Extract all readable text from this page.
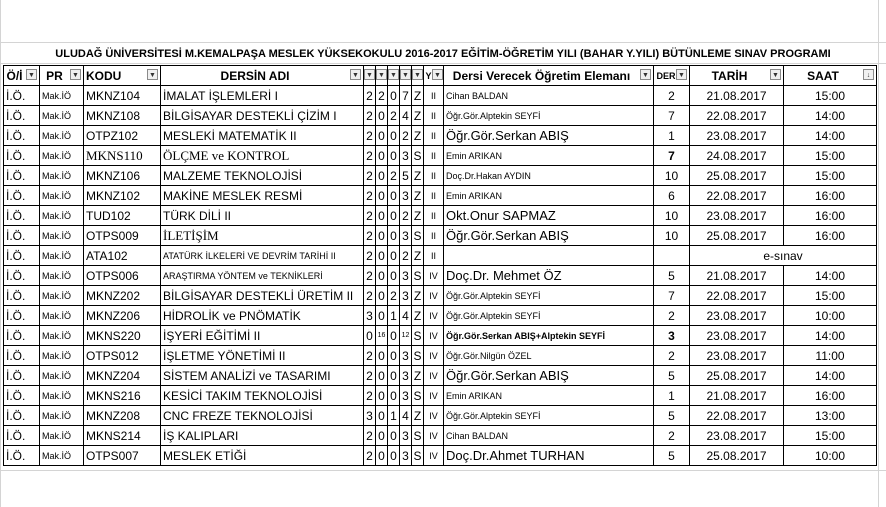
ULUDAĞ ÜNİVERSİTESİ M.KEMALPAŞA MESLEK YÜKSEKOKULU 2016-2017 EĞİTİM-ÖĞRETİM YILI (BAHAR Y.YILI) BÜTÜNLEME SINAV PROGRAMI
Ö/İ ▼	PR ▼	KODU ▼	DERSİN ADI ▼	▼	▼	▼	▼	▼	Y ▼	Dersi Verecek Öğretim Elemanı ▼	DER ▼	TARİH ▼	SAAT ↓

İ.Ö.	Mak.İÖ	MKNZ104	İMALAT İŞLEMLERİ I	2	2	0	7	Z	II	Cihan BALDAN	2	21.08.2017	15:00
İ.Ö.	Mak.İÖ	MKNZ108	BİLGİSAYAR DESTEKLİ ÇİZİM I	2	0	2	4	Z	II	Öğr.Gör.Alptekin SEYFİ	7	22.08.2017	14:00
İ.Ö.	Mak.İÖ	OTPZ102	MESLEKİ MATEMATİK II	2	0	0	2	Z	II	Öğr.Gör.Serkan ABIŞ	1	23.08.2017	14:00
İ.Ö.	Mak.İÖ	MKNS110	ÖLÇME ve KONTROL	2	0	0	3	S	II	Emin ARIKAN	7	24.08.2017	15:00
İ.Ö.	Mak.İÖ	MKNZ106	MALZEME TEKNOLOJİSİ	2	0	2	5	Z	II	Doç.Dr.Hakan AYDIN	10	25.08.2017	15:00
İ.Ö.	Mak.İÖ	MKNZ102	MAKİNE MESLEK RESMİ	2	0	0	3	Z	II	Emin ARIKAN	6	22.08.2017	16:00
İ.Ö.	Mak.İÖ	TUD102	TÜRK DİLİ II	2	0	0	2	Z	II	Okt.Onur SAPMAZ	10	23.08.2017	16:00
İ.Ö.	Mak.İÖ	OTPS009	İLETİŞİM	2	0	0	3	S	II	Öğr.Gör.Serkan ABIŞ	10	25.08.2017	16:00
İ.Ö.	Mak.İÖ	ATA102	ATATÜRK İLKELERİ VE DEVRİM TARİHİ II	2	0	0	2	Z	II			e-sınav	
İ.Ö.	Mak.İÖ	OTPS006	ARAŞTIRMA YÖNTEM ve TEKNİKLERİ	2	0	0	3	S	IV	Doç.Dr. Mehmet ÖZ	5	21.08.2017	14:00
İ.Ö.	Mak.İÖ	MKNZ202	BİLGİSAYAR DESTEKLİ ÜRETİM II	2	0	2	3	Z	IV	Öğr.Gör.Alptekin SEYFİ	7	22.08.2017	15:00
İ.Ö.	Mak.İÖ	MKNZ206	HİDROLİK ve PNÖMATİK	3	0	1	4	Z	IV	Öğr.Gör.Alptekin SEYFİ	2	23.08.2017	10:00
İ.Ö.	Mak.İÖ	MKNS220	İŞYERİ EĞİTİMİ II	0	16	0	12	S	IV	Öğr.Gör.Serkan ABIŞ+Alptekin SEYFİ	3	23.08.2017	14:00
İ.Ö.	Mak.İÖ	OTPS012	İŞLETME YÖNETİMİ II	2	0	0	3	S	IV	Öğr.Gör.Nilgün ÖZEL	2	23.08.2017	11:00
İ.Ö.	Mak.İÖ	MKNZ204	SİSTEM ANALİZİ ve TASARIMI	2	0	0	3	Z	IV	Öğr.Gör.Serkan ABIŞ	5	25.08.2017	14:00
İ.Ö.	Mak.İÖ	MKNS216	KESİCİ TAKIM TEKNOLOJİSİ	2	0	0	3	S	IV	Emin ARIKAN	1	21.08.2017	16:00
İ.Ö.	Mak.İÖ	MKNZ208	CNC FREZE TEKNOLOJİSİ	3	0	1	4	Z	IV	Öğr.Gör.Alptekin SEYFİ	5	22.08.2017	13:00
İ.Ö.	Mak.İÖ	MKNS214	İŞ KALIPLARI	2	0	0	3	S	IV	Cihan BALDAN	2	23.08.2017	15:00
İ.Ö.	Mak.İÖ	OTPS007	MESLEK ETİĞİ	2	0	0	3	S	IV	Doç.Dr.Ahmet TURHAN	5	25.08.2017	10:00
